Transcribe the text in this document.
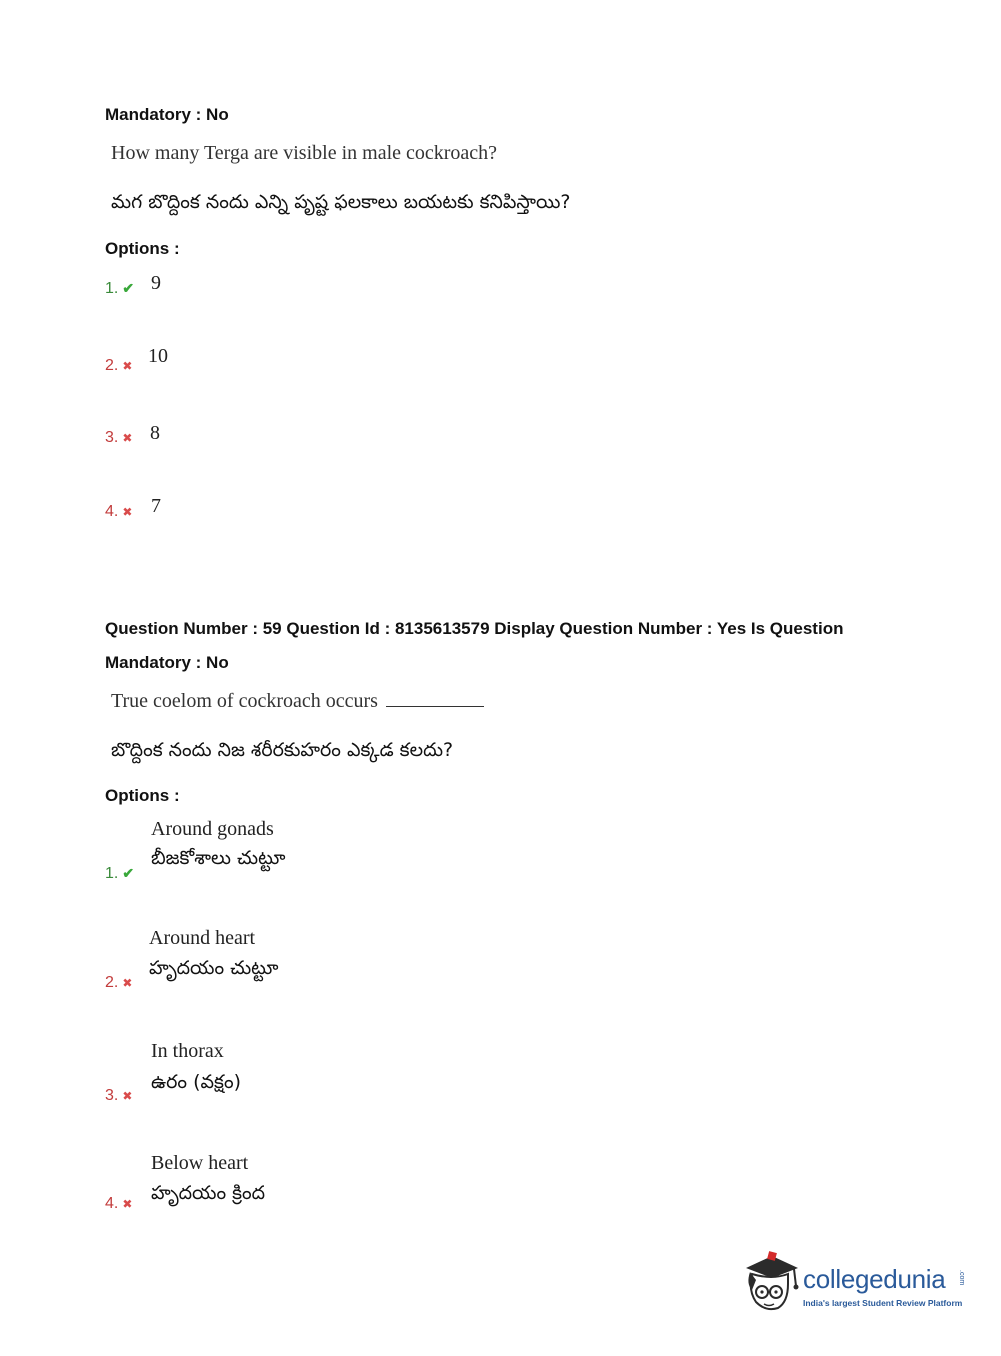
Mandatory : No
How many Terga are visible in male cockroach?
మగ బొద్దింక నందు ఎన్ని పృష్ట ఫలకాలు బయటకు కనిపిస్తాయి?
Options :
1. ✔ 9
2. ✖ 10
3. ✖ 8
4. ✖ 7
Question Number : 59 Question Id : 8135613579 Display Question Number : Yes Is Question
Mandatory : No
True coelom of cockroach occurs
బొద్దింక నందు నిజ శరీరకుహరం ఎక్కడ కలదు?
Options :
Around gonads
బీజకోశాలు చుట్టూ
1. ✔
Around heart
హృదయం చుట్టూ
2. ✖
In thorax
ఉరం (వక్షం)
3. ✖
Below heart
హృదయం క్రింద
4. ✖
collegedunia .com
India's largest Student Review Platform
